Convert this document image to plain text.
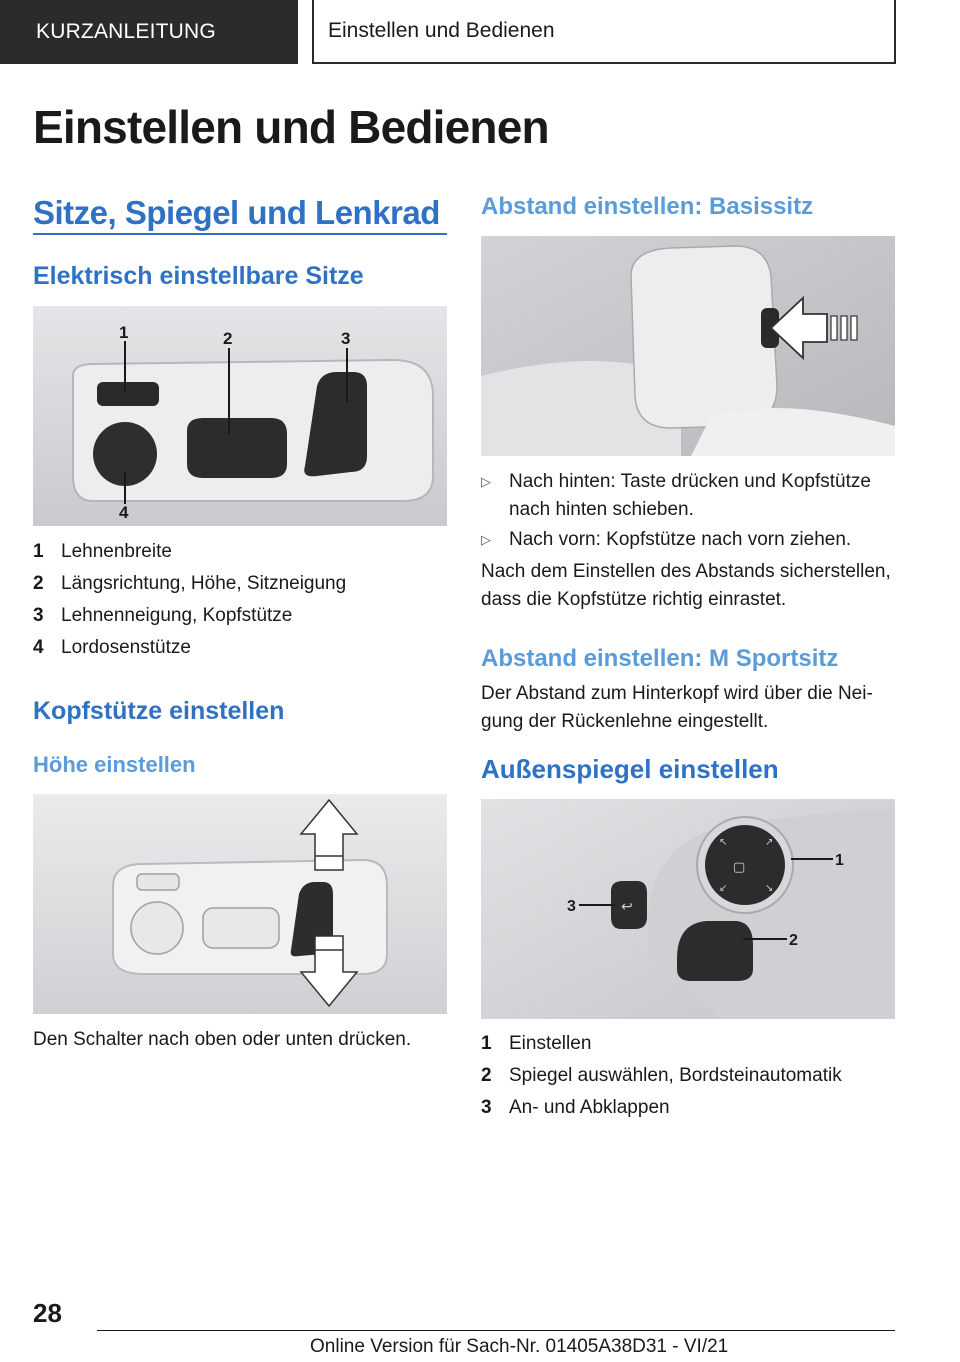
KURZANLEITUNG	Einstellen und Bedienen
Einstellen und Bedienen
Sitze, Spiegel und Lenkrad
Elektrisch einstellbare Sitze
1	2	3
4
1 Lehnenbreite
2 Längsrichtung, Höhe, Sitzneigung
3 Lehnenneigung, Kopfstütze
4 Lordosenstütze
Kopfstütze einstellen
Höhe einstellen

Den Schalter nach oben oder unten drücken.

Abstand einstellen: Basissitz
▷ Nach hinten: Taste drücken und Kopfstütze
nach hinten schieben.
▷ Nach vorn: Kopfstütze nach vorn ziehen.

Nach dem Einstellen des Abstands sicherstellen,
dass die Kopfstütze richtig einrastet.

Abstand einstellen: M Sportsitz

Der Abstand zum Hinterkopf wird über die Nei-
gung der Rückenlehne eingestellt.

Außenspiegel einstellen
▢
↖	↗
↙	↘
↩
1
2
3
1 Einstellen
2 Spiegel auswählen, Bordsteinautomatik
3 An- und Abklappen
28
Online Version für Sach-Nr. 01405A38D31 - VI/21
